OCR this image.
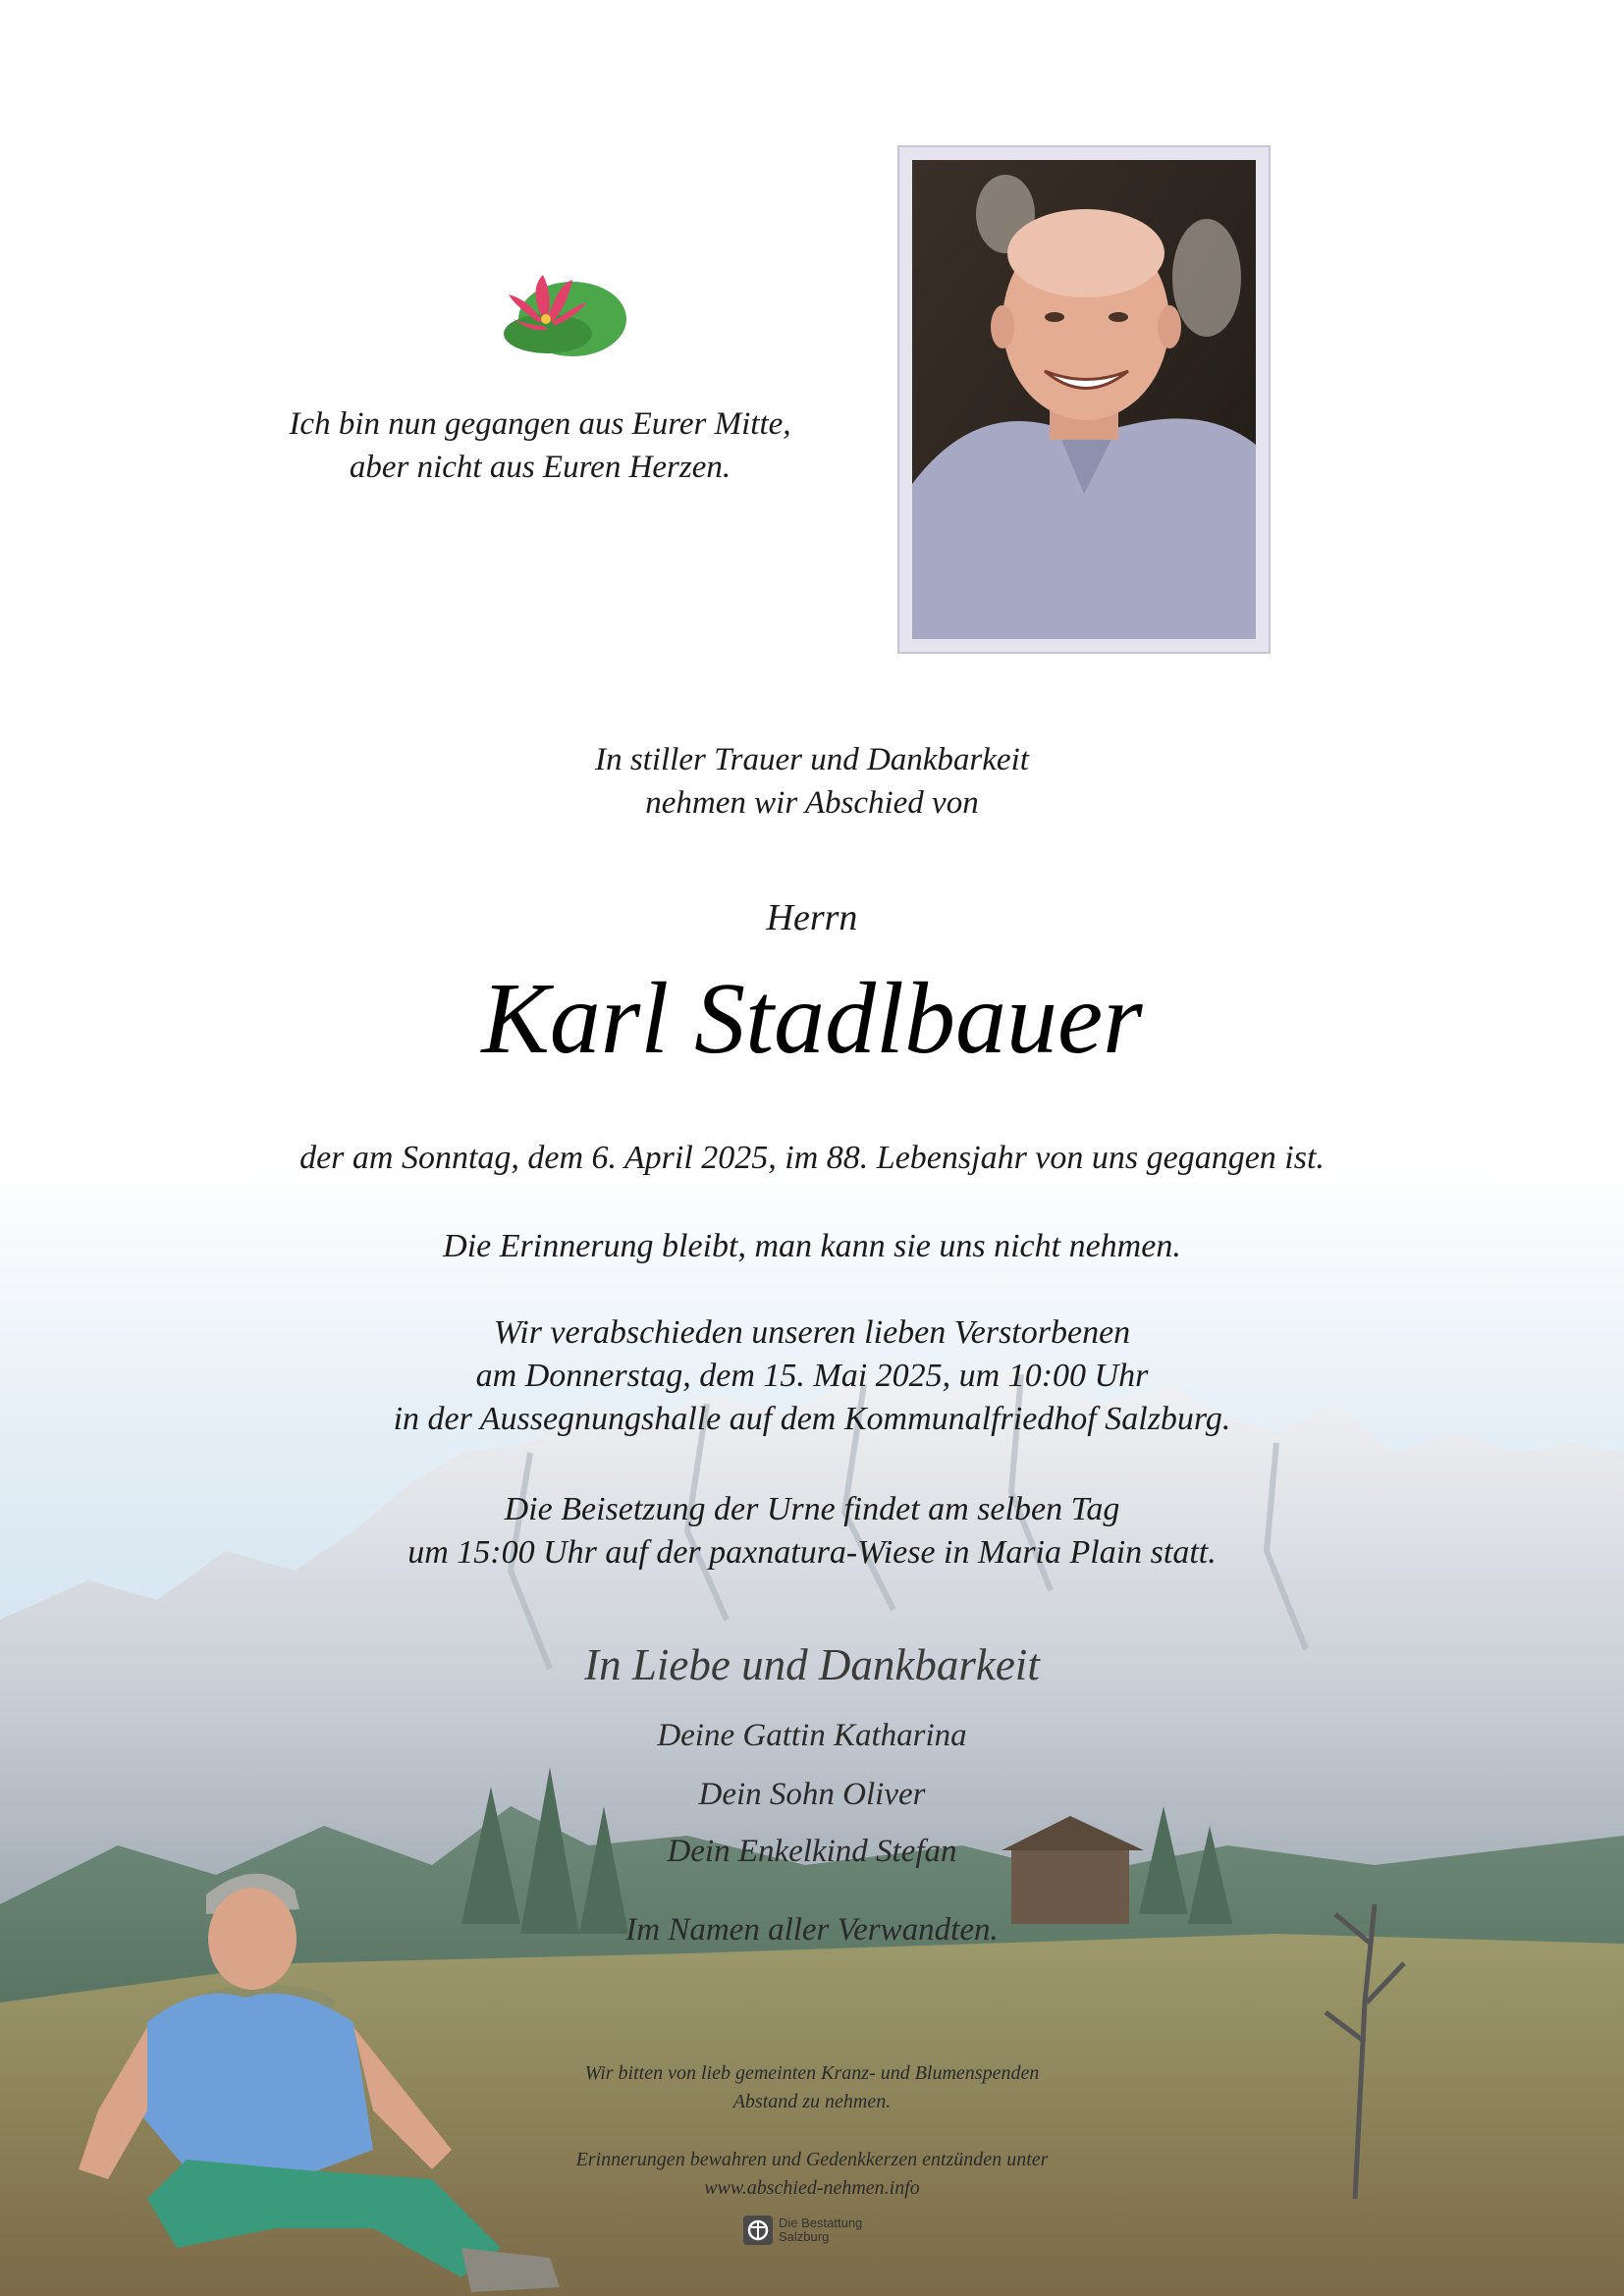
Ich bin nun gegangen aus Eurer Mitte,
aber nicht aus Euren Herzen.
In stiller Trauer und Dankbarkeit
nehmen wir Abschied von
Herrn
Karl Stadlbauer
der am Sonntag, dem 6. April 2025, im 88. Lebensjahr von uns gegangen ist.
Die Erinnerung bleibt, man kann sie uns nicht nehmen.
Wir verabschieden unseren lieben Verstorbenen
am Donnerstag, dem 15. Mai 2025, um 10:00 Uhr
in der Aussegnungshalle auf dem Kommunalfriedhof Salzburg.
Die Beisetzung der Urne findet am selben Tag
um 15:00 Uhr auf der paxnatura-Wiese in Maria Plain statt.
In Liebe und Dankbarkeit
Deine Gattin Katharina
Dein Sohn Oliver
Dein Enkelkind Stefan
Im Namen aller Verwandten.
Wir bitten von lieb gemeinten Kranz- und Blumenspenden
Abstand zu nehmen.
Erinnerungen bewahren und Gedenkkerzen entzünden unter
www.abschied-nehmen.info
Die Bestattung
Salzburg
